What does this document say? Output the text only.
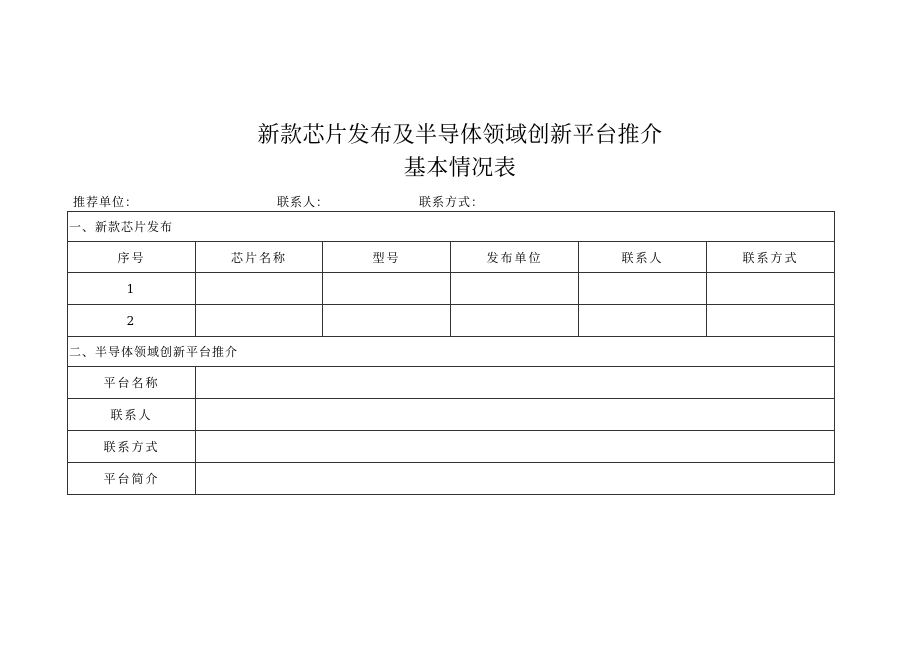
新款芯片发布及半导体领域创新平台推介
基本情况表
推荐单位：	联系人：	联系方式：
一、新款芯片发布					
序号	芯片名称	型号	发布单位	联系人	联系方式
1					
2					
二、半导体领域创新平台推介					
平台名称					
联系人					
联系方式					
平台简介					
